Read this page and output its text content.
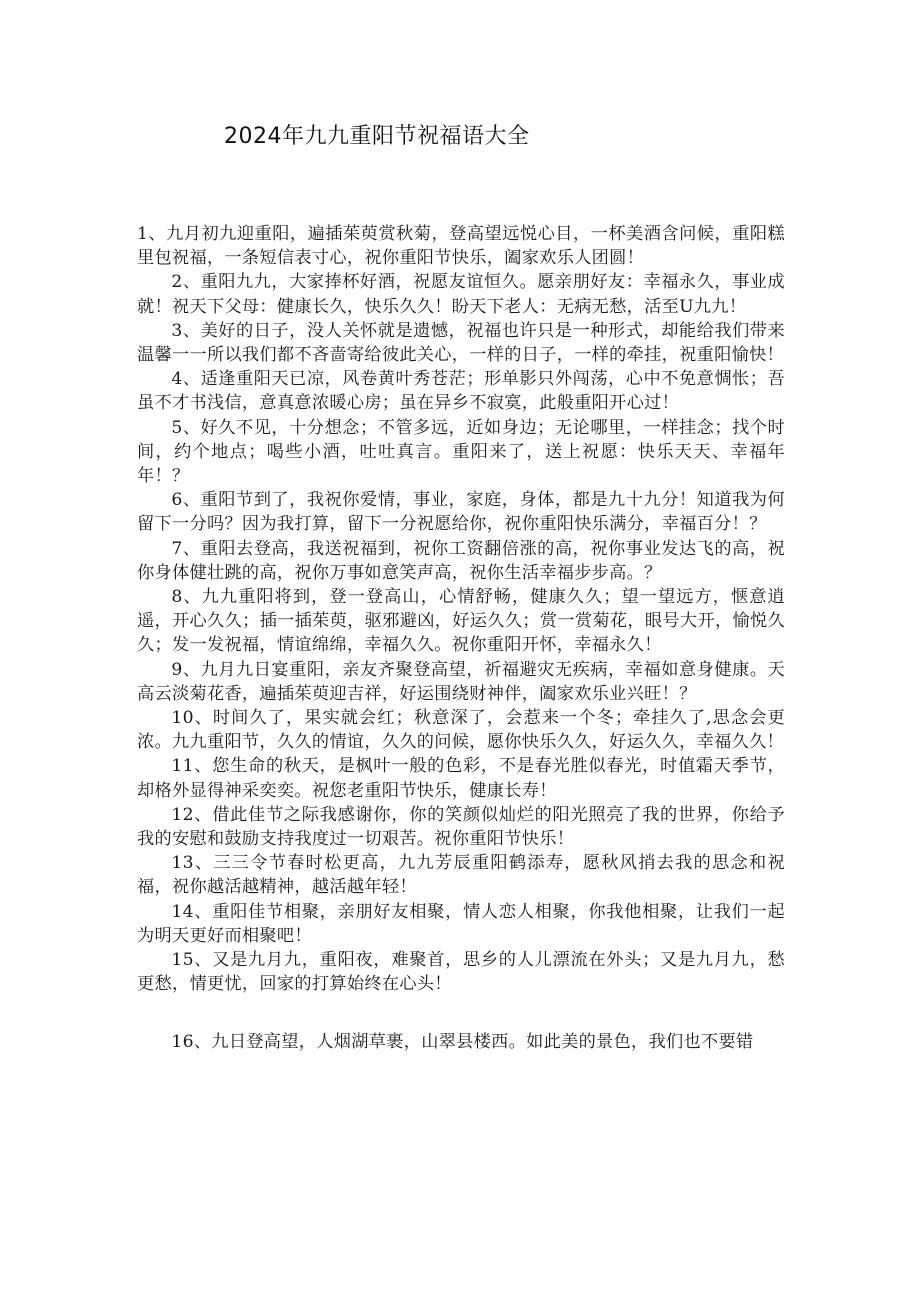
2024年九九重阳节祝福语大全

1、九月初九迎重阳，遍插茱萸赏秋菊，登高望远悦心目，一杯美酒含问候，重阳糕里包祝福，一条短信表寸心，祝你重阳节快乐，阖家欢乐人团圆！

2、重阳九九，大家捧杯好酒，祝愿友谊恒久。愿亲朋好友：幸福永久，事业成就！祝天下父母：健康长久，快乐久久！盼天下老人：无病无愁，活至U九九！

3、美好的日子，没人关怀就是遗憾，祝福也许只是一种形式，却能给我们带来温馨一一所以我们都不吝啬寄给彼此关心，一样的日子，一样的牵挂，祝重阳愉快！

4、适逢重阳天已凉，风卷黄叶秀苍茫；形单影只外闯荡，心中不免意惆怅；吾虽不才书浅信，意真意浓暖心房；虽在异乡不寂寞，此般重阳开心过！

5、好久不见，十分想念；不管多远，近如身边；无论哪里，一样挂念；找个时间，约个地点；喝些小酒，吐吐真言。重阳来了，送上祝愿：快乐天天、幸福年年！？

6、重阳节到了，我祝你爱情，事业，家庭，身体，都是九十九分！知道我为何留下一分吗？因为我打算，留下一分祝愿给你，祝你重阳快乐满分，幸福百分！？

7、重阳去登高，我送祝福到，祝你工资翻倍涨的高，祝你事业发达飞的高，祝你身体健壮跳的高，祝你万事如意笑声高，祝你生活幸福步步高。？

8、九九重阳将到，登一登高山，心情舒畅，健康久久；望一望远方，惬意逍遥，开心久久；插一插茱萸，驱邪避凶，好运久久；赏一赏菊花，眼号大开，愉悦久久；发一发祝福，情谊绵绵，幸福久久。祝你重阳开怀，幸福永久！

9、九月九日宴重阳，亲友齐聚登高望，祈福避灾无疾病，幸福如意身健康。天高云淡菊花香，遍插茱萸迎吉祥，好运围绕财神伴，阖家欢乐业兴旺！？

10、时间久了，果实就会红；秋意深了，会惹来一个冬；牵挂久了,思念会更浓。九九重阳节，久久的情谊，久久的问候，愿你快乐久久，好运久久，幸福久久！

11、您生命的秋天，是枫叶一般的色彩，不是春光胜似春光，时值霜天季节，却格外显得神采奕奕。祝您老重阳节快乐，健康长寿！

12、借此佳节之际我感谢你，你的笑颜似灿烂的阳光照亮了我的世界，你给予我的安慰和鼓励支持我度过一切艰苦。祝你重阳节快乐！

13、三三令节春时松更高，九九芳辰重阳鹤添寿，愿秋风捎去我的思念和祝福，祝你越活越精神，越活越年轻！

14、重阳佳节相聚，亲朋好友相聚，情人恋人相聚，你我他相聚，让我们一起为明天更好而相聚吧！

15、又是九月九，重阳夜，难聚首，思乡的人儿漂流在外头；又是九月九，愁更愁，情更忧，回家的打算始终在心头！

16、九日登高望，人烟湖草裹，山翠县楼西。如此美的景色，我们也不要错
